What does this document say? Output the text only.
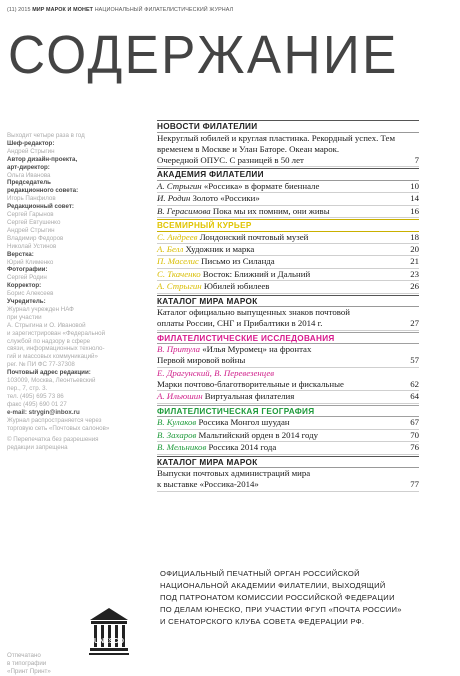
(11) 2015 МИР МАРОК И МОНЕТ НАЦИОНАЛЬНЫЙ ФИЛАТЕЛИСТИЧЕСКИЙ ЖУРНАЛ
СОДЕРЖАНИЕ
Выходит четыре раза в год
Шеф-редактор:
Андрей Стрыгин
Автор дизайн-проекта,
арт-директор:
Ольга Иванова
Председатель
редакционного совета:
Игорь Панфилов
Редакционный совет:
Сергей Гарынов
Сергей Евтушенко
Андрей Стрыгин
Владимир Федоров
Николай Устинов
Верстка:
Юрий Клименко
Фотографии:
Сергей Родин
Корректор:
Борис Алексеев
Учредитель:
Журнал учрежден НАФ
при участии
А. Стрыгина и О. Ивановой
и зарегистрирован «Федеральной
службой по надзору в сфере
связи, информационных техноло-
гий и массовых коммуникаций»
рег. № ПИ ФС 77-37308
Почтовый адрес редакции:
103009, Москва, Леонтьевский
пер., 7, стр. 3.
тел. (495) 695 73 86
факс (495) 690 01 27
e-mail: strygin@inbox.ru
Журнал распространяется через
торговую сеть «Почтовых салонов»
© Перепечатка без разрешения
редакции запрещена
НОВОСТИ ФИЛАТЕЛИИ
Некруглый юбилей и круглая пластинка. Рекордный успех. Тем временем в Москве и Улан Баторе. Океан марок.
Очередной ОПУС. С разницей в 50 лет	7
АКАДЕМИЯ ФИЛАТЕЛИИ
А. Стрыгин «Россика» в формате биеннале	10
И. Родин Золото «Россики»	14
В. Герасимова Пока мы их помним, они живы	16
ВСЕМИРНЫЙ КУРЬЕР
С. Андреев Лондонский почтовый музей	18
А. Белл Художник и марка	20
П. Маселис Письмо из Силанда	21
С. Ткаченко Восток: Ближний и Дальний	23
А. Стрыгин Юбилей юбилеев	26
КАТАЛОГ МИРА МАРОК
Каталог официально выпущенных знаков почтовой
оплаты России, СНГ и Прибалтики в 2014 г.	27
ФИЛАТЕЛИСТИЧЕСКИЕ ИССЛЕДОВАНИЯ
В. Притула «Илья Муромец» на фронтах
Первой мировой войны	57
Е. Драгунский, В. Перевезенцев
Марки почтово-благотворительные и фискальные	62
А. Ильюшин Виртуальная филателия	64
ФИЛАТЕЛИСТИЧЕСКАЯ ГЕОГРАФИЯ
В. Кулаков Россика Монгол шуудан	67
В. Захаров Мальтийский орден в 2014 году	70
В. Мельников Россика 2014 года	76
КАТАЛОГ МИРА МАРОК
Выпуски почтовых администраций мира
к выставке «Россика-2014»	77
UNESCO
Отпечатано
в типографии
«Принт Принт»
ОФИЦИАЛЬНЫЙ ПЕЧАТНЫЙ ОРГАН РОССИЙСКОЙ
НАЦИОНАЛЬНОЙ АКАДЕМИИ ФИЛАТЕЛИИ, ВЫХОДЯЩИЙ
ПОД ПАТРОНАТОМ КОМИССИИ РОССИЙСКОЙ ФЕДЕРАЦИИ
ПО ДЕЛАМ ЮНЕСКО, ПРИ УЧАСТИИ ФГУП «ПОЧТА РОССИИ»
И СЕНАТОРСКОГО КЛУБА СОВЕТА ФЕДЕРАЦИИ РФ.
